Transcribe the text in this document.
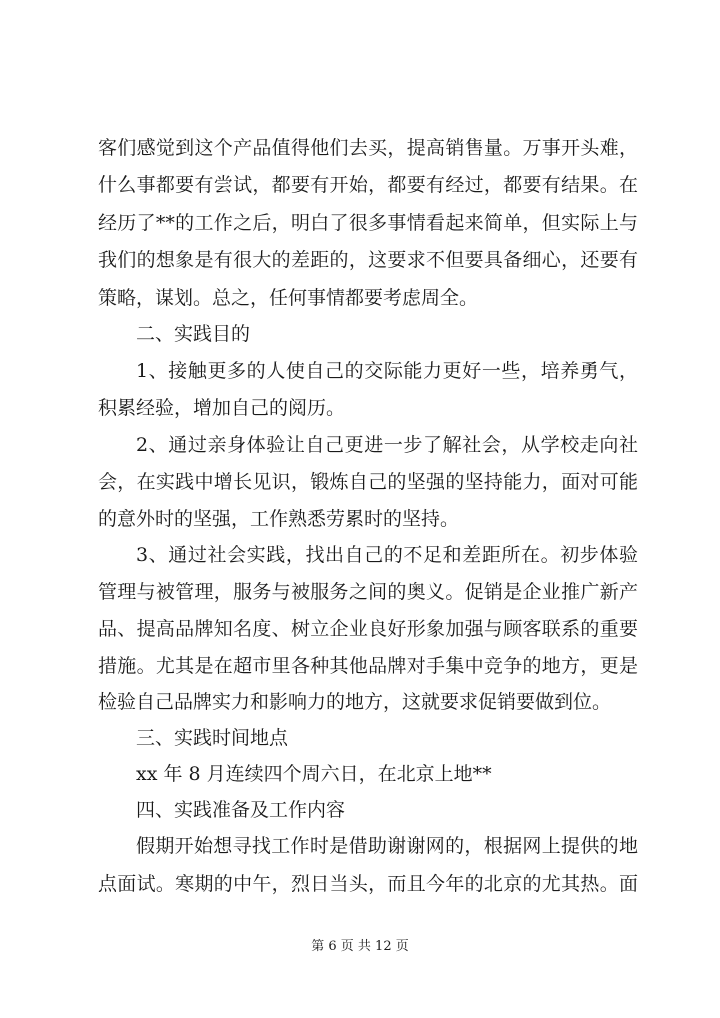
客们感觉到这个产品值得他们去买，提高销售量。万事开头难，
什么事都要有尝试，都要有开始，都要有经过，都要有结果。在
经历了**的工作之后，明白了很多事情看起来简单，但实际上与
我们的想象是有很大的差距的，这要求不但要具备细心，还要有
策略，谋划。总之，任何事情都要考虑周全。
二、实践目的
1、接触更多的人使自己的交际能力更好一些，培养勇气，
积累经验，增加自己的阅历。
2、通过亲身体验让自己更进一步了解社会，从学校走向社
会，在实践中增长见识，锻炼自己的坚强的坚持能力，面对可能
的意外时的坚强，工作熟悉劳累时的坚持。
3、通过社会实践，找出自己的不足和差距所在。初步体验
管理与被管理，服务与被服务之间的奥义。促销是企业推广新产
品、提高品牌知名度、树立企业良好形象加强与顾客联系的重要
措施。尤其是在超市里各种其他品牌对手集中竞争的地方，更是
检验自己品牌实力和影响力的地方，这就要求促销要做到位。
三、实践时间地点
xx 年 8 月连续四个周六日，在北京上地**
四、实践准备及工作内容
假期开始想寻找工作时是借助谢谢网的，根据网上提供的地
点面试。寒期的中午，烈日当头，而且今年的北京的尤其热。面
第 6 页 共 12 页
